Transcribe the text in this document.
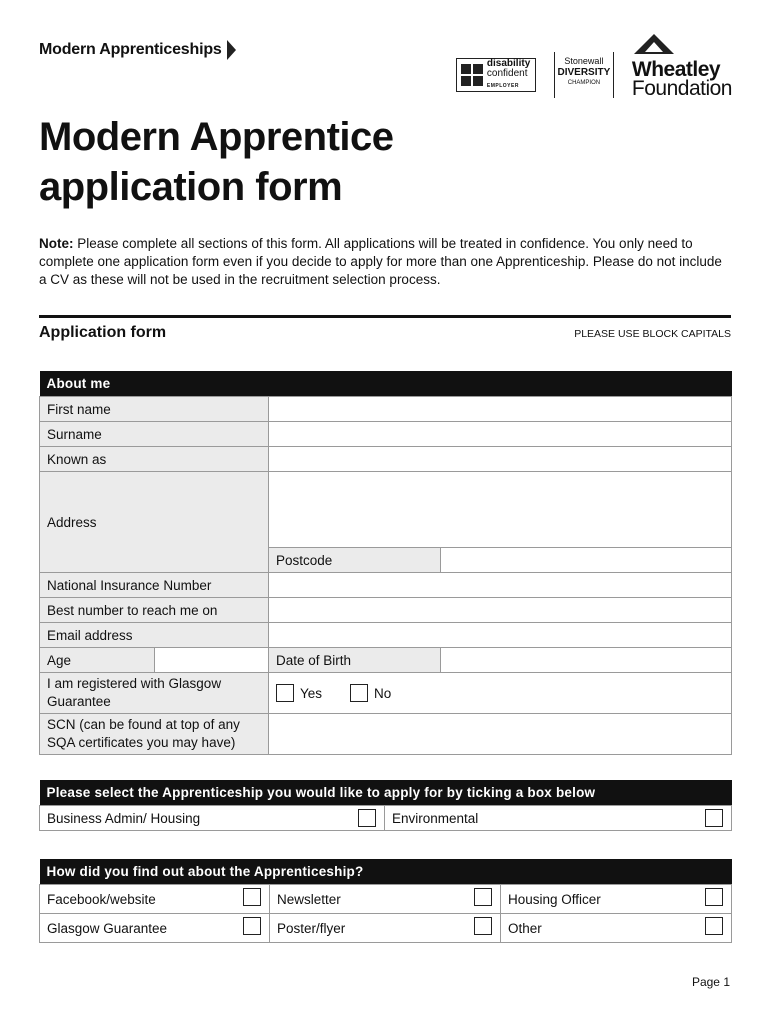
Modern Apprenticeships
disability
confident
EMPLOYER
Stonewall
DIVERSITY
CHAMPION
Wheatley
Foundation
Modern Apprentice
application form
Note: Please complete all sections of this form. All applications will be treated in confidence. You only need to complete one application form even if you decide to apply for more than one Apprenticeship. Please do not include a CV as these will not be used in the recruitment selection process.
Application form	PLEASE USE BLOCK CAPITALS
About me			
First name			
Surname			
Known as			
Address			
		Postcode	
National Insurance Number			
Best number to reach me on			
Email address			
Age		Date of Birth	
I am registered with Glasgow Guarantee		Yes No	

SCN (can be found at top of any SQA certificates you may have)			
Please select the Apprenticeship you would like to apply for by ticking a box below
Business Admin/ Housing	Environmental
How did you find out about the Apprenticeship?		
Facebook/website	Newsletter	Housing Officer

Glasgow Guarantee	Poster/flyer	Other
Page 1
